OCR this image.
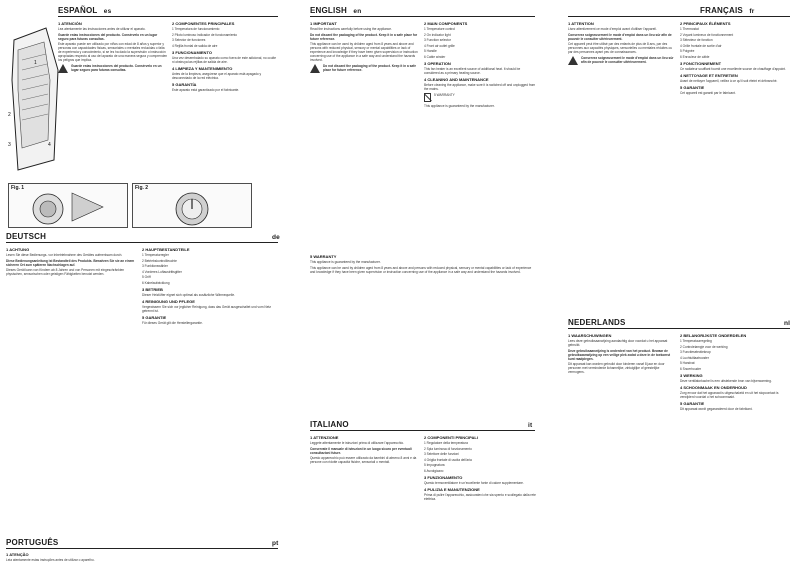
ESPAÑOL es	ENGLISH en	FRANÇAIS fr
1
2
3	4
Fig. 1	Fig. 2
1 ATENCIÓN

Lea atentamente las instrucciones antes de utilizar el aparato.

Guarde estas instrucciones del producto. Consérvelo en un lugar seguro para futuras consultas.

Este aparato puede ser utilizado por niños con edad de 8 años y superior y personas con capacidades físicas, sensoriales o mentales reducidas o falta de experiencia y conocimiento, si se les ha dado la supervisión o instrucción apropiadas respecto al uso del aparato de una manera segura y comprenden los peligros que implica.

Guarde estas instrucciones del producto. Consérvelo en un lugar seguro para futuras consultas.

2 COMPONENTES PRINCIPALES

1 Temperatura de funcionamiento

2 Piloto luminoso indicador de funcionamiento

3 Selector de funciones

4 Rejilla frontal de salida de aire

3 FUNCIONAMIENTO

Una vez desembalado su aparato como fuera de este adicional, no oculte ni obstruya las rejillas de salida de aire.

4 LIMPIEZA Y MANTENIMIENTO

Antes de la limpieza, asegúrese que el aparato está apagado y desconectado de la red eléctrica.

5 GARANTÍA

Este aparato está garantizado por el fabricante.

1 IMPORTANT

Read the instructions carefully before using the appliance.

Do not discard the packaging of the product. Keep it in a safe place for future reference.

This appliance can be used by children aged from 8 years and above and persons with reduced physical, sensory or mental capabilities or lack of experience and knowledge if they have been given supervision or instruction concerning use of the appliance in a safe way and understand the hazards involved.

Do not discard the packaging of the product. Keep it in a safe place for future reference.

2 MAIN COMPONENTS

1 Temperature control

2 On indicator light

3 Function selector

4 Front air outlet grille

5 Handle

6 Cable winder

3 OPERATION

This fan heater is an excellent source of additional heat. It should be considered as a primary heating source.

4 CLEANING AND MAINTENANCE

Before cleaning the appliance, make sure it is switched off and unplugged from the mains.

5 WARRANTY

This appliance is guaranteed by the manufacturer.

1 ATTENTION

Lisez attentivement ce mode d'emploi avant d'utiliser l'appareil.

Conservez soigneusement le mode d'emploi dans un lieu sûr afin de pouvoir le consulter ultérieurement.

Cet appareil peut être utilisé par des enfants de plus de 8 ans, par des personnes aux capacités physiques, sensorielles ou mentales réduites ou par des personnes ayant peu de connaissances.

Conservez soigneusement le mode d'emploi dans un lieu sûr afin de pouvoir le consulter ultérieurement.

2 PRINCIPAUX ÉLÉMENTS

1 Thermostat

2 Voyant lumineux de fonctionnement

3 Sélecteur de fonction

4 Grille frontale de sortie d'air

5 Poignée

6 Enrouleur de câble

3 FONCTIONNEMENT

Ce radiateur soufflant fournit une excellente source de chauffage d'appoint.

4 NETTOYAGE ET ENTRETIEN

Avant de nettoyer l'appareil, veillez à ce qu'il soit éteint et débranché.

5 GARANTIE

Cet appareil est garanti par le fabricant.

DEUTSCH	de
1 ACHTUNG

Lesen Sie diese Bedienungs- vor Inbetriebnahme des Gerätes aufmerksam durch.

Diese Bedienungsanleitung ist Bestandteil des Produkts. Bewahren Sie sie an einem sicheren Ort zum späteren Nachschlagen auf.

Dieses Gerät kann von Kindern ab 8 Jahren und von Personen mit eingeschränkten physischen, sensorischen oder geistigen Fähigkeiten benutzt werden.

2 HAUPTBESTANDTEILE

1 Temperaturregler

2 Betriebskontrollleuchte

3 Funktionswähler

4 Vorderes Luftaustrittsgitter

5 Griff

6 Kabelaufwicklung

3 BETRIEB

Dieser Heizlüfter eignet sich optimal als zusätzliche Wärmequelle.

4 REINIGUNG UND PFLEGE

Vergewissern Sie sich vor jeglicher Reinigung, dass das Gerät ausgeschaltet und vom Netz getrennt ist.

5 GARANTIE

Für dieses Gerät gilt die Herstellergarantie.

PORTUGUÊS	pt
1 ATENÇÃO

Leia atentamente estas instruções antes de utilizar o aparelho.

ITALIANO	it
1 ATTENZIONE

Leggete attentamente le istruzioni prima di utilizzare l'apparecchio.

Conservate il manuale di istruzioni in un luogo sicuro per eventuali consultazioni future.

Questo apparecchio può essere utilizzato da bambini di almeno 8 anni e da persone con ridotte capacità fisiche, sensoriali o mentali.

2 COMPONENTI PRINCIPALI

1 Regolatore della temperatura

2 Spia luminosa di funzionamento

3 Selettore delle funzioni

4 Griglia frontale di uscita dell'aria

5 Impugnatura

6 Avvolgicavo

3 FUNZIONAMENTO

Questo termoventilatore è un'eccellente fonte di calore supplementare.

4 PULIZIA E MANUTENZIONE

Prima di pulire l'apparecchio, assicuratevi che sia spento e scollegato dalla rete elettrica.

5 WARRANTY

This appliance is guaranteed by the manufacturer.

This appliance can be used by children aged from 8 years and above and persons with reduced physical, sensory or mental capabilities or lack of experience and knowledge if they have been given supervision or instruction concerning use of the appliance in a safe way and understand the hazards involved.

NEDERLANDS	nl
1 WAARSCHUWINGEN

Lees deze gebruiksaanwijzing aandachtig door voordat u het apparaat gebruikt.

Deze gebruiksaanwijzing is onderdeel van het product. Bewaar de gebruiksaanwijzing op een veilige plek zodat u deze in de toekomst kunt raadplegen.

Dit apparaat kan worden gebruikt door kinderen vanaf 8 jaar en door personen met verminderde lichamelijke, zintuiglijke of geestelijke vermogens.

2 BELANGRIJKSTE ONDERDELEN

1 Temperatuurregeling

2 Controlelampje voor de werking

3 Functieselectieknop

4 Luchtuitlaatrooster

5 Handvat

6 Snoerhouder

3 WERKING

Deze ventilatorkachel is een uitstekende bron van bijverwarming.

4 SCHOONMAAK EN ONDERHOUD

Zorg ervoor dat het apparaat is uitgeschakeld en uit het stopcontact is verwijderd voordat u het schoonmaakt.

5 GARANTIE

Dit apparaat wordt gegarandeerd door de fabrikant.
